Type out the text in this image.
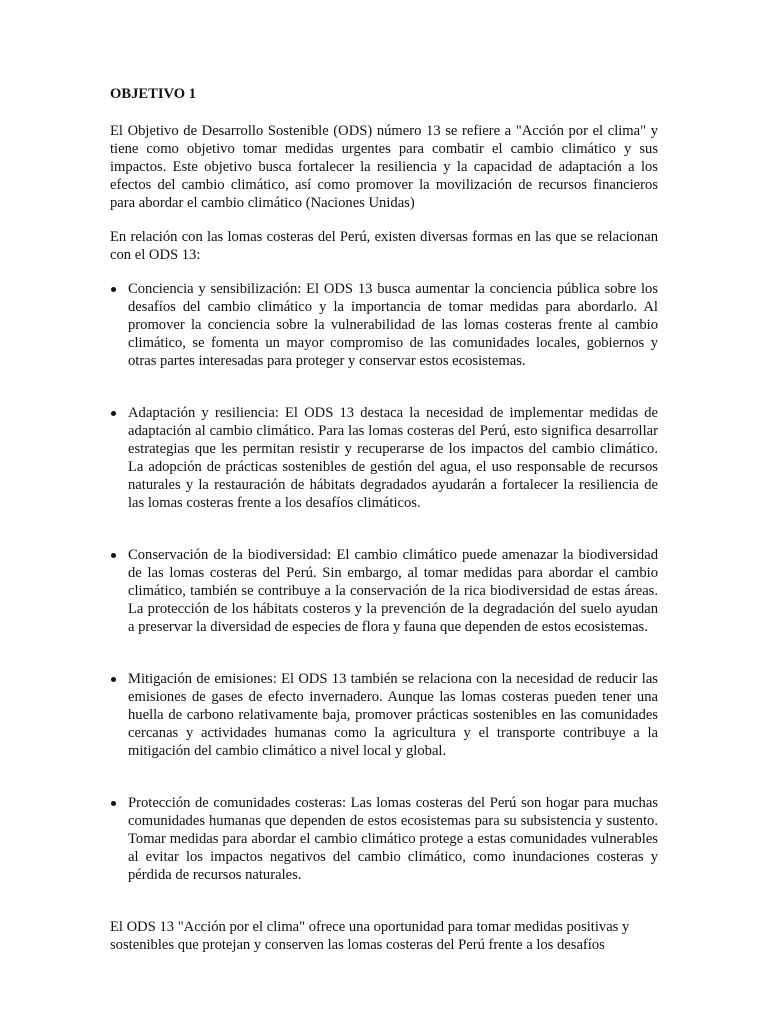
OBJETIVO 1

El Objetivo de Desarrollo Sostenible (ODS) número 13 se refiere a "Acción por el clima" y tiene como objetivo tomar medidas urgentes para combatir el cambio climático y sus impactos. Este objetivo busca fortalecer la resiliencia y la capacidad de adaptación a los efectos del cambio climático, así como promover la movilización de recursos financieros para abordar el cambio climático (Naciones Unidas)

En relación con las lomas costeras del Perú, existen diversas formas en las que se relacionan con el ODS 13:

Conciencia y sensibilización: El ODS 13 busca aumentar la conciencia pública sobre los desafíos del cambio climático y la importancia de tomar medidas para abordarlo. Al promover la conciencia sobre la vulnerabilidad de las lomas costeras frente al cambio climático, se fomenta un mayor compromiso de las comunidades locales, gobiernos y otras partes interesadas para proteger y conservar estos ecosistemas.
Adaptación y resiliencia: El ODS 13 destaca la necesidad de implementar medidas de adaptación al cambio climático. Para las lomas costeras del Perú, esto significa desarrollar estrategias que les permitan resistir y recuperarse de los impactos del cambio climático. La adopción de prácticas sostenibles de gestión del agua, el uso responsable de recursos naturales y la restauración de hábitats degradados ayudarán a fortalecer la resiliencia de las lomas costeras frente a los desafíos climáticos.
Conservación de la biodiversidad: El cambio climático puede amenazar la biodiversidad de las lomas costeras del Perú. Sin embargo, al tomar medidas para abordar el cambio climático, también se contribuye a la conservación de la rica biodiversidad de estas áreas. La protección de los hábitats costeros y la prevención de la degradación del suelo ayudan a preservar la diversidad de especies de flora y fauna que dependen de estos ecosistemas.
Mitigación de emisiones: El ODS 13 también se relaciona con la necesidad de reducir las emisiones de gases de efecto invernadero. Aunque las lomas costeras pueden tener una huella de carbono relativamente baja, promover prácticas sostenibles en las comunidades cercanas y actividades humanas como la agricultura y el transporte contribuye a la mitigación del cambio climático a nivel local y global.
Protección de comunidades costeras: Las lomas costeras del Perú son hogar para muchas comunidades humanas que dependen de estos ecosistemas para su subsistencia y sustento. Tomar medidas para abordar el cambio climático protege a estas comunidades vulnerables al evitar los impactos negativos del cambio climático, como inundaciones costeras y pérdida de recursos naturales.

El ODS 13 "Acción por el clima" ofrece una oportunidad para tomar medidas positivas y sostenibles que protejan y conserven las lomas costeras del Perú frente a los desafíos
